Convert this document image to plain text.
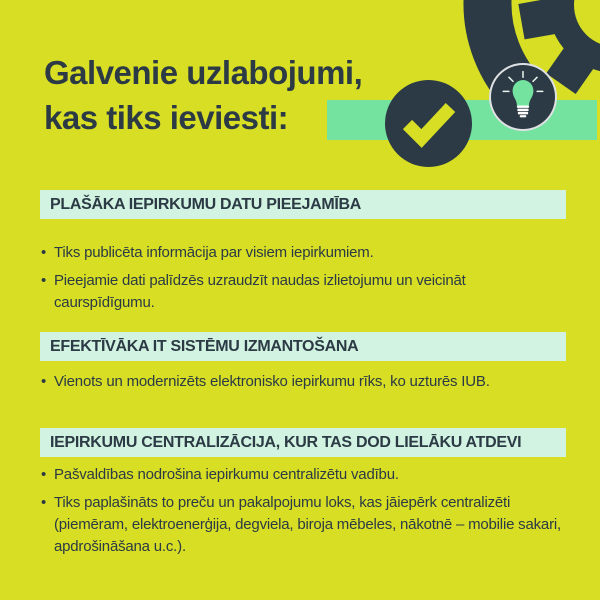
Galvenie uzlabojumi,
kas tiks ieviesti:
PLAŠĀKA IEPIRKUMU DATU PIEEJAMĪBA
• Tiks publicēta informācija par visiem iepirkumiem.
• Pieejamie dati palīdzēs uzraudzīt naudas izlietojumu un veicināt caurspīdīgumu.
EFEKTĪVĀKA IT SISTĒMU IZMANTOŠANA
• Vienots un modernizēts elektronisko iepirkumu rīks, ko uzturēs IUB.
IEPIRKUMU CENTRALIZĀCIJA, KUR TAS DOD LIELĀKU ATDEVI
• Pašvaldības nodrošina iepirkumu centralizētu vadību.
• Tiks paplašināts to preču un pakalpojumu loks, kas jāiepērk centralizēti (piemēram, elektroenerģija, degviela, biroja mēbeles, nākotnē – mobilie sakari, apdrošināšana u.c.).
